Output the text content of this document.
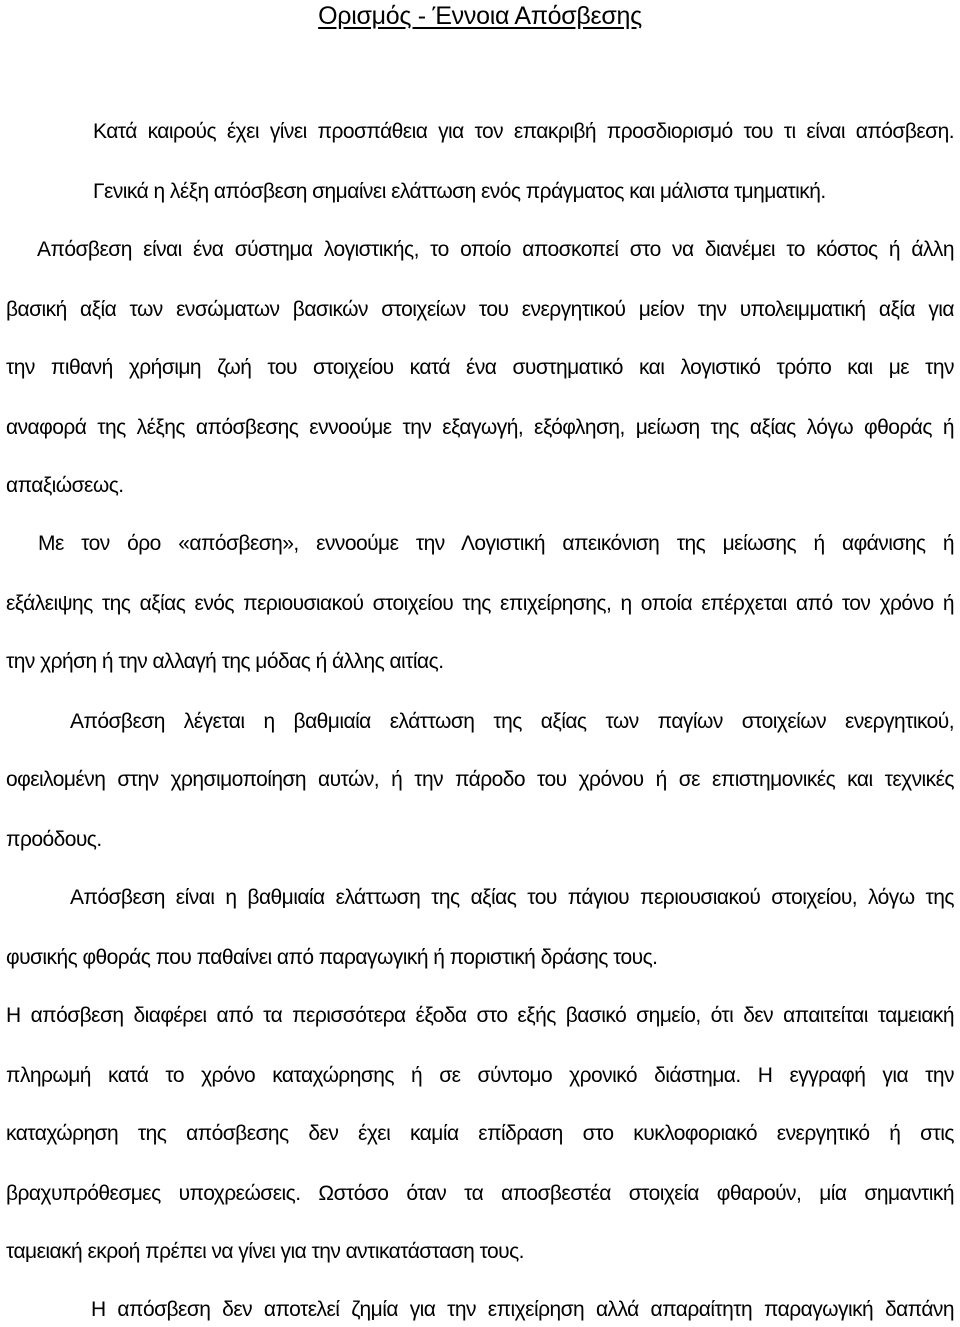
Ορισμός - Έννοια Απόσβεσης
Κατά καιρούς έχει γίνει προσπάθεια για τον επακριβή προσδιορισμό του τι είναι απόσβεση.
Γενικά η λέξη απόσβεση σημαίνει ελάττωση ενός πράγματος και μάλιστα τμηματική.
Απόσβεση είναι ένα σύστημα λογιστικής, το οποίο αποσκοπεί στο να διανέμει το κόστος ή άλλη
βασική αξία των ενσώματων βασικών στοιχείων του ενεργητικού μείον την υπολειμματική αξία για
την πιθανή χρήσιμη ζωή του στοιχείου κατά ένα συστηματικό και λογιστικό τρόπο και με την
αναφορά της λέξης απόσβεσης εννοούμε την εξαγωγή, εξόφληση, μείωση της αξίας λόγω φθοράς ή
απαξιώσεως.
Με τον όρο «απόσβεση», εννοούμε την Λογιστική απεικόνιση της μείωσης ή αφάνισης ή
εξάλειψης της αξίας ενός περιουσιακού στοιχείου της επιχείρησης, η οποία επέρχεται από τον χρόνο ή
την χρήση ή την αλλαγή της μόδας ή άλλης αιτίας.
Απόσβεση λέγεται η βαθμιαία ελάττωση της αξίας των παγίων στοιχείων ενεργητικού,
οφειλομένη στην χρησιμοποίηση αυτών, ή την πάροδο του χρόνου ή σε επιστημονικές και τεχνικές
προόδους.
Απόσβεση είναι η βαθμιαία ελάττωση της αξίας του πάγιου περιουσιακού στοιχείου, λόγω της
φυσικής φθοράς που παθαίνει από παραγωγική ή ποριστική δράσης τους.
Η απόσβεση διαφέρει από τα περισσότερα έξοδα στο εξής βασικό σημείο, ότι δεν απαιτείται ταμειακή
πληρωμή κατά το χρόνο καταχώρησης ή σε σύντομο χρονικό διάστημα. Η εγγραφή για την
καταχώρηση της απόσβεσης δεν έχει καμία επίδραση στο κυκλοφοριακό ενεργητικό ή στις
βραχυπρόθεσμες υποχρεώσεις. Ωστόσο όταν τα αποσβεστέα στοιχεία φθαρούν, μία σημαντική
ταμειακή εκροή πρέπει να γίνει για την αντικατάσταση τους.
Η απόσβεση δεν αποτελεί ζημία για την επιχείρηση αλλά απαραίτητη παραγωγική δαπάνη
